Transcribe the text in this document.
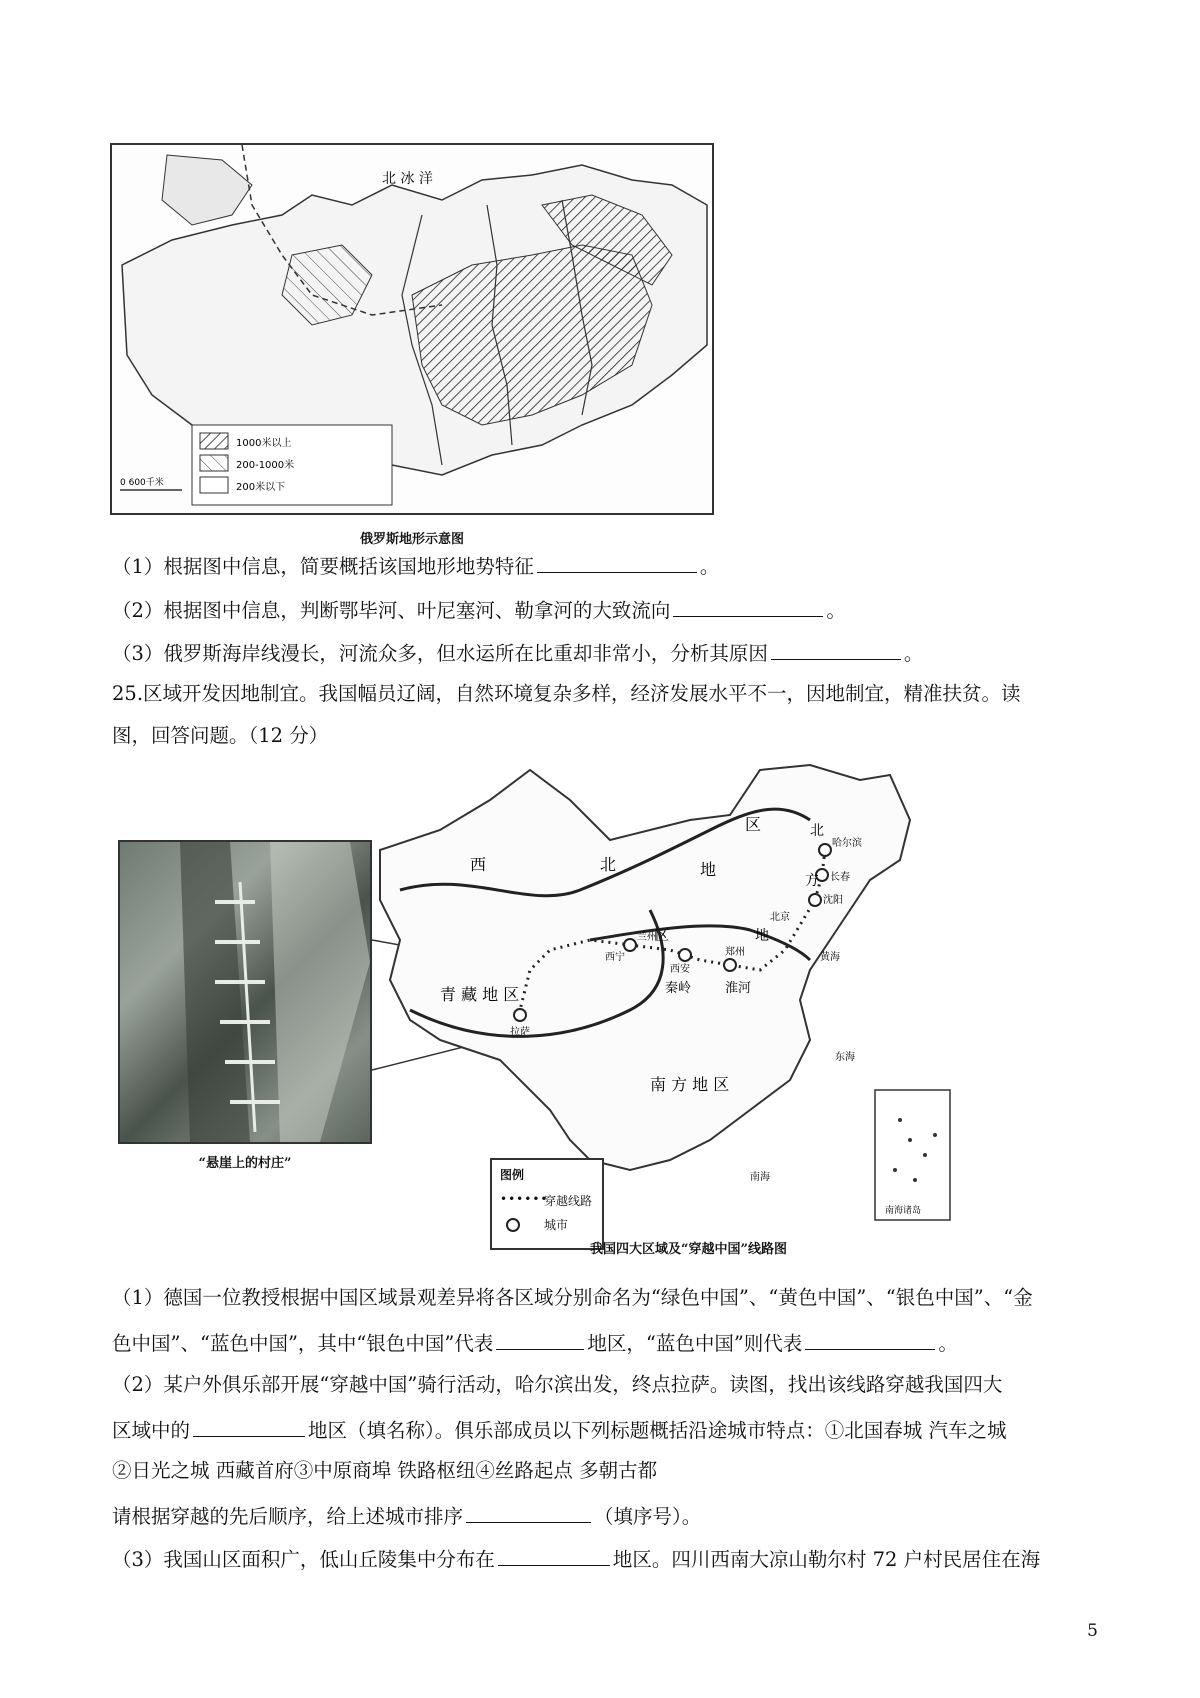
北 冰 洋
1000米以上
200-1000米
200米以下
0 600千米
俄罗斯地形示意图
（1）根据图中信息，简要概括该国地形地势特征	。
（2）根据图中信息，判断鄂毕河、叶尼塞河、勒拿河的大致流向	。
（3）俄罗斯海岸线漫长，河流众多，但水运所在比重却非常小，分析其原因	。
25.区域开发因地制宜。我国幅员辽阔，自然环境复杂多样，经济发展水平不一，因地制宜，精准扶贫。读
图，回答问题。（12 分）
“悬崖上的村庄”
西	北	地
区
青 藏 地 区
北
方
地
区
南 方 地 区
哈尔滨
长春
沈阳
北京
兰州
西宁
西安
郑州
拉萨
秦岭	淮河
黄海
东海
南海
南海诸岛
图例
••••••
穿越线路
城市
我国四大区域及“穿越中国”线路图
（1）德国一位教授根据中国区域景观差异将各区域分别命名为“绿色中国”、“黄色中国”、“银色中国”、“金
色中国”、“蓝色中国”，其中“银色中国”代表	地区，“蓝色中国”则代表	。
（2）某户外俱乐部开展“穿越中国”骑行活动，哈尔滨出发，终点拉萨。读图，找出该线路穿越我国四大
区域中的	地区（填名称）。俱乐部成员以下列标题概括沿途城市特点：①北国春城 汽车之城
②日光之城 西藏首府③中原商埠 铁路枢纽④丝路起点 多朝古都
请根据穿越的先后顺序，给上述城市排序	（填序号）。
（3）我国山区面积广，低山丘陵集中分布在	地区。四川西南大凉山勒尔村 72 户村民居住在海
5
